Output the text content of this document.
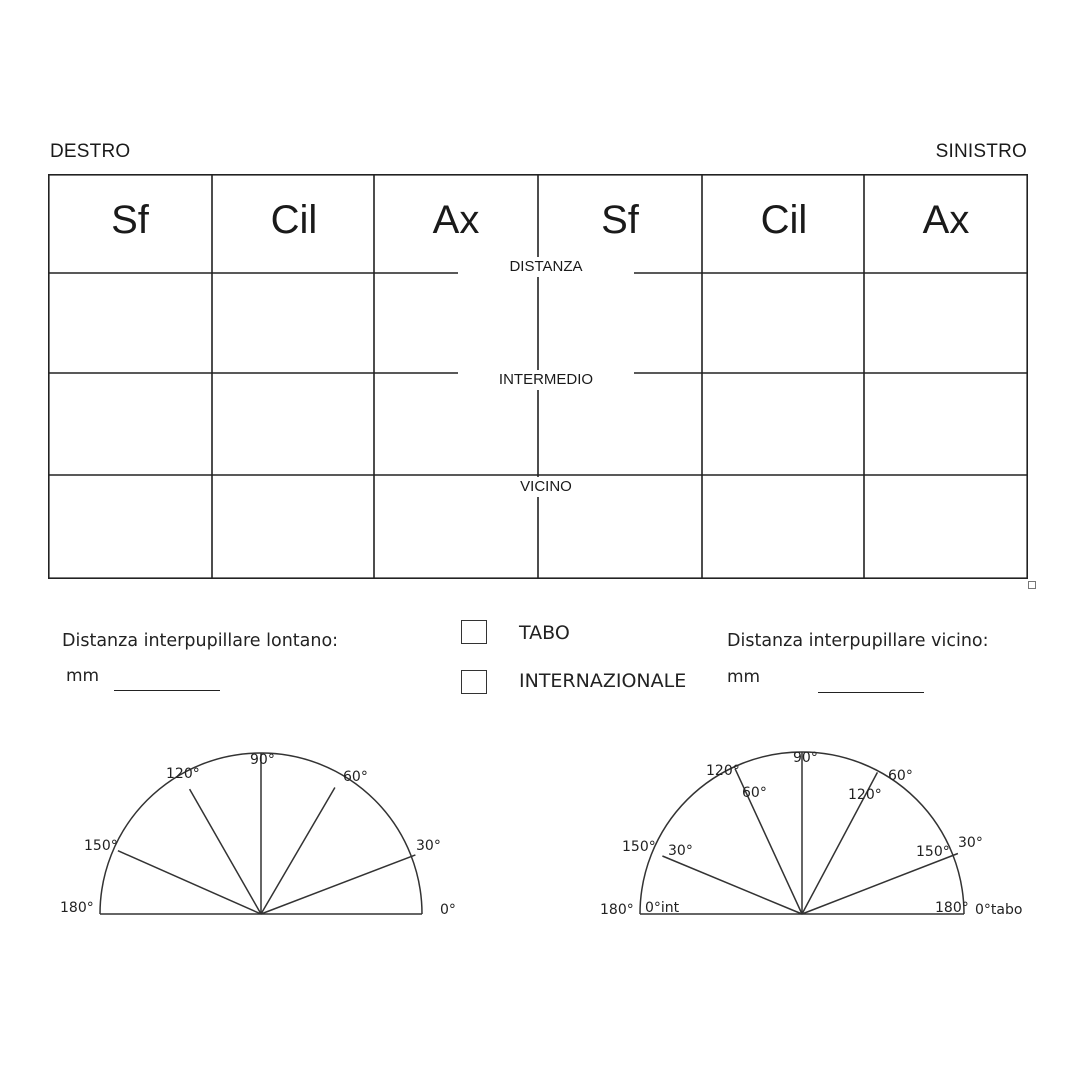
DESTRO	SINISTRO
Sf	Cil	Ax	Sf	Cil	Ax
DISTANZA
INTERMEDIO
VICINO
Distanza interpupillare lontano:
mm
TABO
INTERNAZIONALE
Distanza interpupillare vicino:
mm
180°
150°
120°
90°
60°
30°
0°	180°
150°
120°
90°
60°
30°
0°int
30°
60°	120°
150°
180° 0°tabo
